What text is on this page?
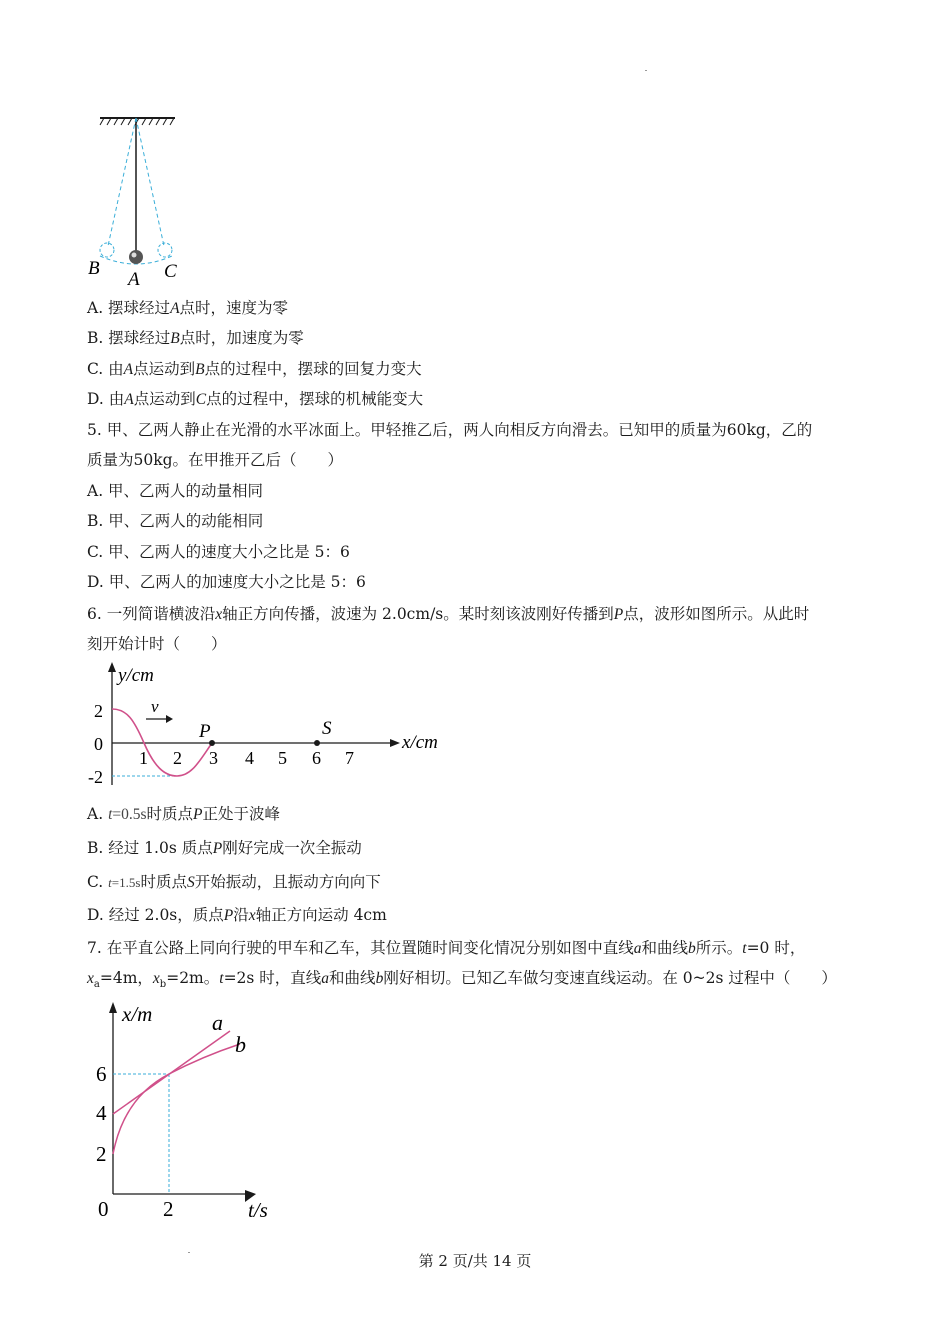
B
A C
A. 摆球经过A点时，速度为零
B. 摆球经过B点时，加速度为零
C. 由A点运动到B点的过程中，摆球的回复力变大
D. 由A点运动到C点的过程中，摆球的机械能变大
5. 甲、乙两人静止在光滑的水平冰面上。甲轻推乙后，两人向相反方向滑去。已知甲的质量为60kg，乙的
质量为50kg。在甲推开乙后（　　）
A. 甲、乙两人的动量相同
B. 甲、乙两人的动能相同
C. 甲、乙两人的速度大小之比是 5：6
D. 甲、乙两人的加速度大小之比是 5：6
6. 一列简谐横波沿x轴正方向传播，波速为 2.0cm/s。某时刻该波刚好传播到P点，波形如图所示。从此时
刻开始计时（　　）
y/cm
x/cm
v
P	S
2
0
-2
1 2 3 4 5 6 7
A. t=0.5s时质点P正处于波峰
B. 经过 1.0s 质点P刚好完成一次全振动
C. t=1.5s时质点S开始振动，且振动方向向下
D. 经过 2.0s，质点P沿x轴正方向运动 4cm
7. 在平直公路上同向行驶的甲车和乙车，其位置随时间变化情况分别如图中直线a和曲线b所示。t=0 时，
$x_a=4m$，$x_b=2m$。t=2s 时，直线a和曲线b刚好相切。已知乙车做匀变速直线运动。在 0~2s 过程中（　　）
x/m
t/s
6
4
2
0	2
a
b
第 2 页/共 14 页
